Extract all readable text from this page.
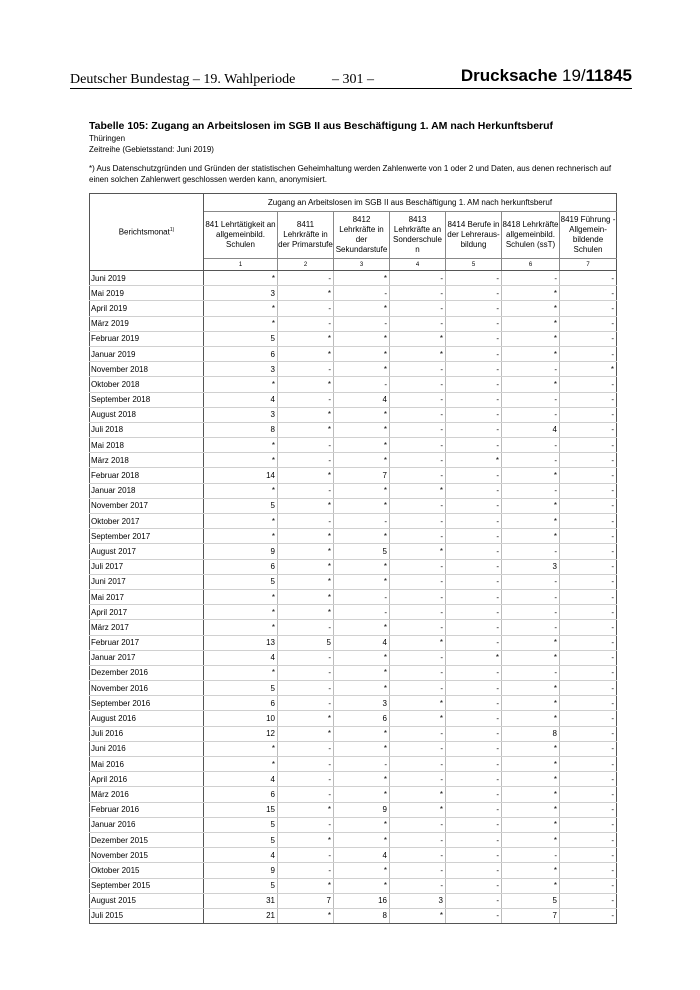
Deutscher Bundestag – 19. Wahlperiode	– 301 –	Drucksache 19/11845
Tabelle 105: Zugang an Arbeitslosen im SGB II aus Beschäftigung 1. AM nach Herkunftsberuf
Thüringen
Zeitreihe (Gebietsstand: Juni 2019)
*) Aus Datenschutzgründen und Gründen der statistischen Geheimhaltung werden Zahlenwerte von 1 oder 2 und Daten, aus denen rechnerisch auf einen solchen Zahlenwert geschlossen werden kann, anonymisiert.
Berichtsmonat$^{1)}$	Zugang an Arbeitslosen im SGB II aus Beschäftigung 1. AM nach herkunftsberuf						
	841 Lehrtätigkeit an allgemeinbild. Schulen	8411 Lehrkräfte in der Primarstufe	8412 Lehrkräfte in der Sekundarstufe	8413 Lehrkräfte an Sonderschule n	8414 Berufe in der Lehreraus-bildung	8418 Lehrkräfte allgemeinbild. Schulen (ssT)	8419 Führung - Allgemein-bildende Schulen
	1	2	3	4	5	6	7
Juni 2019	*	-	*	-	-	-	-
Mai 2019	3	*	-	-	-	*	-
April 2019	*	-	*	-	-	*	-
März 2019	*	-	-	-	-	*	-
Februar 2019	5	*	*	*	-	*	-
Januar 2019	6	*	*	*	-	*	-
November 2018	3	-	*	-	-	-	*
Oktober 2018	*	*	-	-	-	*	-
September 2018	4	-	4	-	-	-	-
August 2018	3	*	*	-	-	-	-
Juli 2018	8	*	*	-	-	4	-
Mai 2018	*	-	*	-	-	-	-
März 2018	*	-	*	-	*	-	-
Februar 2018	14	*	7	-	-	*	-
Januar 2018	*	-	*	*	-	-	-
November 2017	5	*	*	-	-	*	-
Oktober 2017	*	-	-	-	-	*	-
September 2017	*	*	*	-	-	*	-
August 2017	9	*	5	*	-	-	-
Juli 2017	6	*	*	-	-	3	-
Juni 2017	5	*	*	-	-	-	-
Mai 2017	*	*	-	-	-	-	-
April 2017	*	*	-	-	-	-	-
März 2017	*	-	*	-	-	-	-
Februar 2017	13	5	4	*	-	*	-
Januar 2017	4	-	*	-	*	*	-
Dezember 2016	*	-	*	-	-	-	-
November 2016	5	-	*	-	-	*	-
September 2016	6	-	3	*	-	*	-
August 2016	10	*	6	*	-	*	-
Juli 2016	12	*	*	-	-	8	-
Juni 2016	*	-	*	-	-	*	-
Mai 2016	*	-	-	-	-	*	-
April 2016	4	-	*	-	-	*	-
März 2016	6	-	*	*	-	*	-
Februar 2016	15	*	9	*	-	*	-
Januar 2016	5	-	*	-	-	*	-
Dezember 2015	5	*	*	-	-	*	-
November 2015	4	-	4	-	-	-	-
Oktober 2015	9	-	*	-	-	*	-
September 2015	5	*	*	-	-	*	-
August 2015	31	7	16	3	-	5	-
Juli 2015	21	*	8	*	-	7	-
